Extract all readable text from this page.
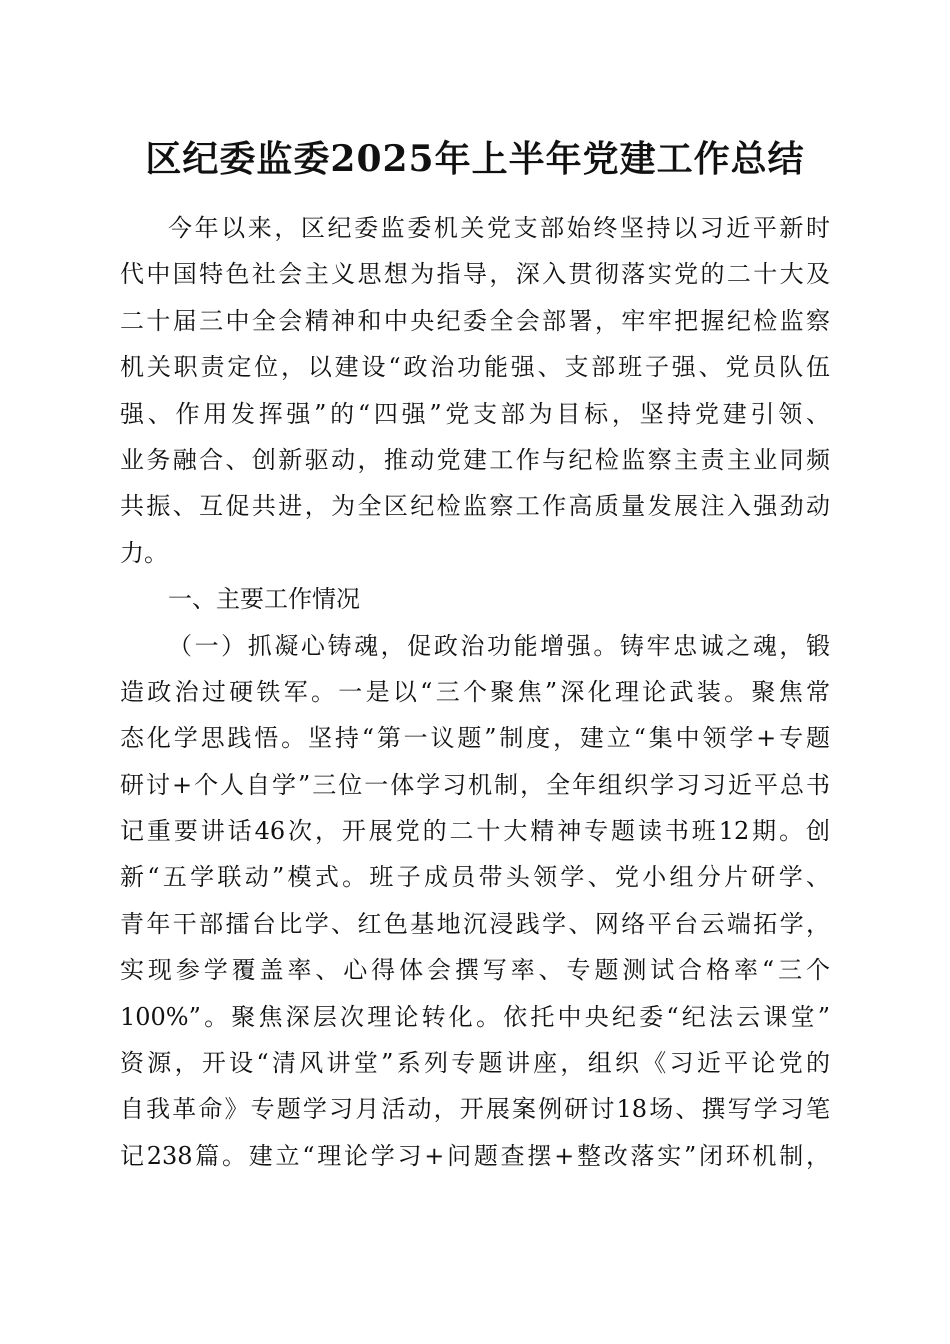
区纪委监委2025年上半年党建工作总结
今年以来，区纪委监委机关党支部始终坚持以习近平新时
代中国特色社会主义思想为指导，深入贯彻落实党的二十大及
二十届三中全会精神和中央纪委全会部署，牢牢把握纪检监察
机关职责定位，以建设“政治功能强、支部班子强、党员队伍
强、作用发挥强”的“四强”党支部为目标，坚持党建引领、
业务融合、创新驱动，推动党建工作与纪检监察主责主业同频
共振、互促共进，为全区纪检监察工作高质量发展注入强劲动
力。
一、主要工作情况
（一）抓凝心铸魂，促政治功能增强。铸牢忠诚之魂，锻
造政治过硬铁军。一是以“三个聚焦”深化理论武装。聚焦常
态化学思践悟。坚持“第一议题”制度，建立“集中领学+专题
研讨+个人自学”三位一体学习机制，全年组织学习习近平总书
记重要讲话46次，开展党的二十大精神专题读书班12期。创
新“五学联动”模式。班子成员带头领学、党小组分片研学、
青年干部擂台比学、红色基地沉浸践学、网络平台云端拓学，
实现参学覆盖率、心得体会撰写率、专题测试合格率“三个
100%”。聚焦深层次理论转化。依托中央纪委“纪法云课堂”
资源，开设“清风讲堂”系列专题讲座，组织《习近平论党的
自我革命》专题学习月活动，开展案例研讨18场、撰写学习笔
记238篇。建立“理论学习+问题查摆+整改落实”闭环机制，
